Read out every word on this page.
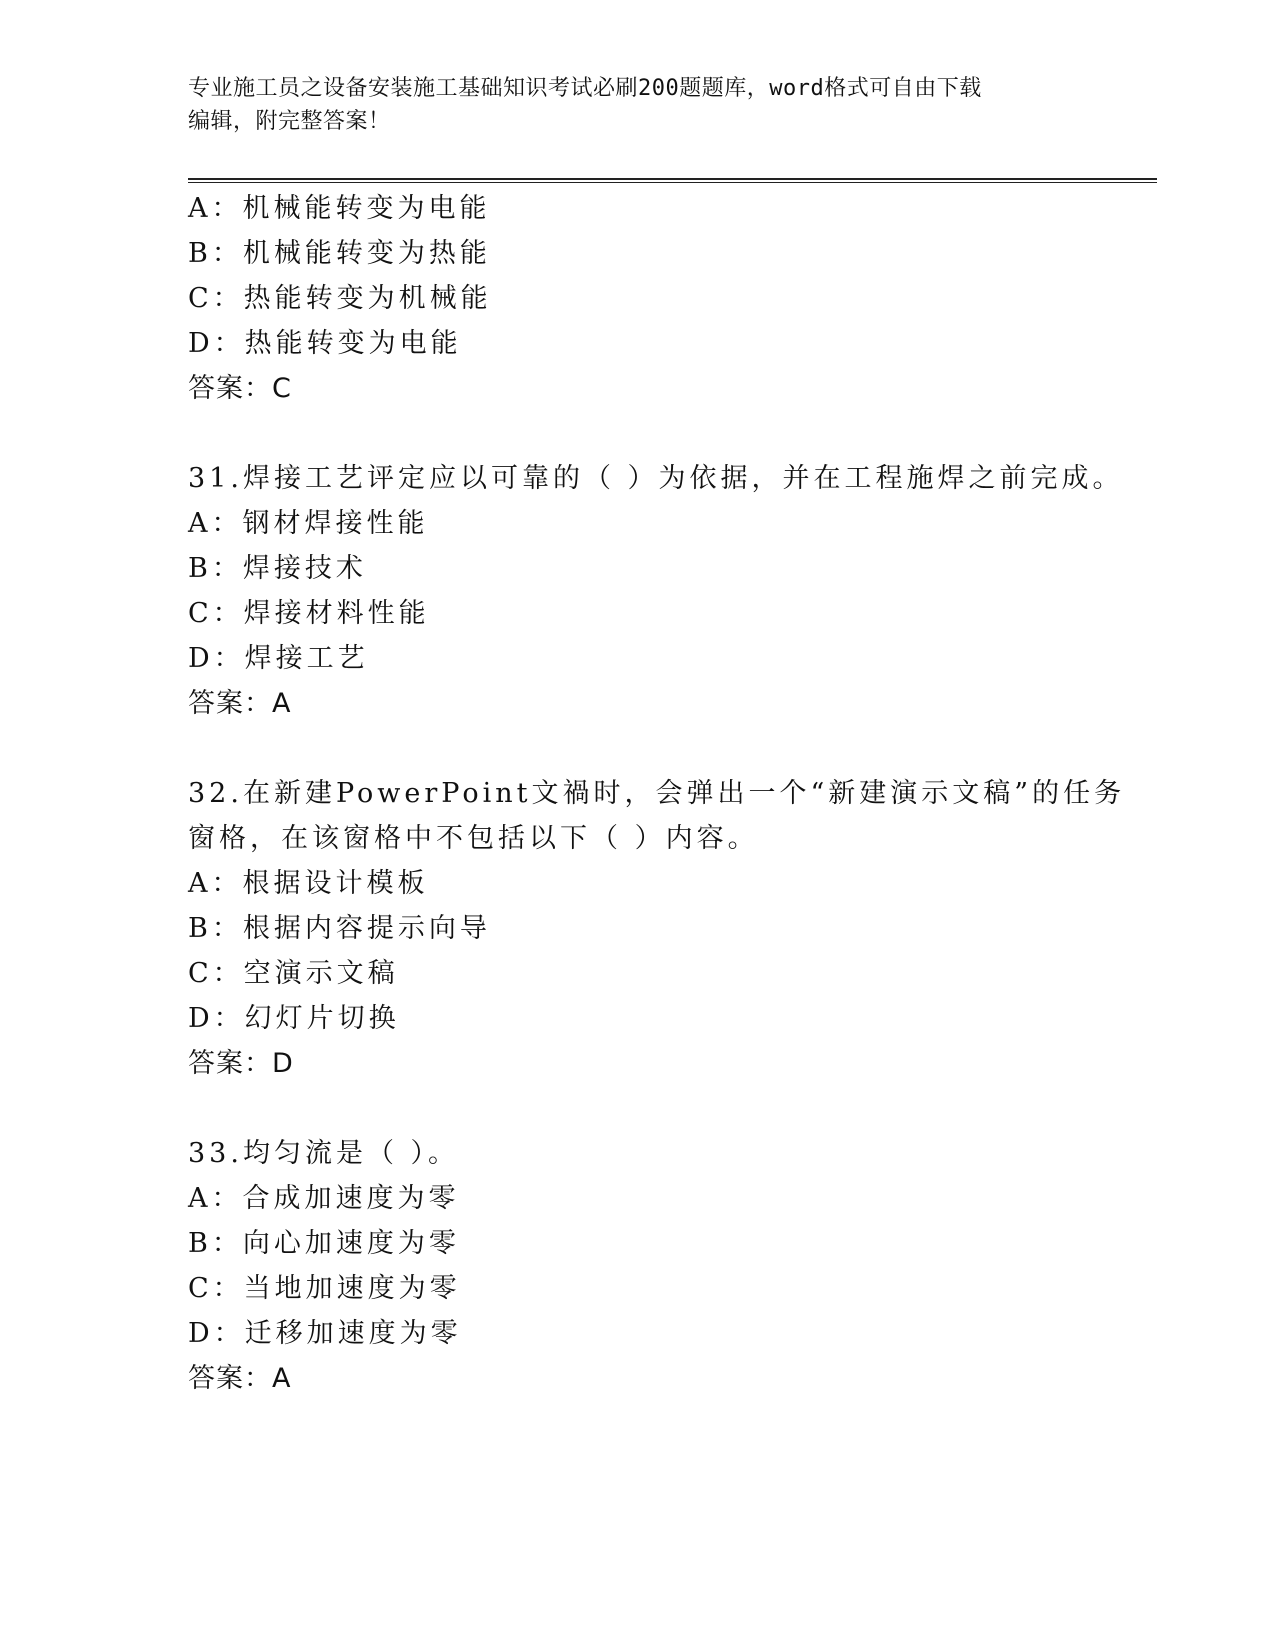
专业施工员之设备安装施工基础知识考试必刷200题题库，word格式可自由下载
编辑，附完整答案！
A：机械能转变为电能
B：机械能转变为热能
C：热能转变为机械能
D：热能转变为电能
答案：C
31.焊接工艺评定应以可靠的（ ）为依据，并在工程施焊之前完成。
A：钢材焊接性能
B：焊接技术
C：焊接材料性能
D：焊接工艺
答案：A
32.在新建PowerPoint文禍时，会弹出一个“新建演示文稿”的任务
窗格，在该窗格中不包括以下（ ）内容。
A：根据设计模板
B：根据内容提示向导
C：空演示文稿
D：幻灯片切换
答案：D
33.均匀流是（ ）。
A：合成加速度为零
B：向心加速度为零
C：当地加速度为零
D：迁移加速度为零
答案：A
